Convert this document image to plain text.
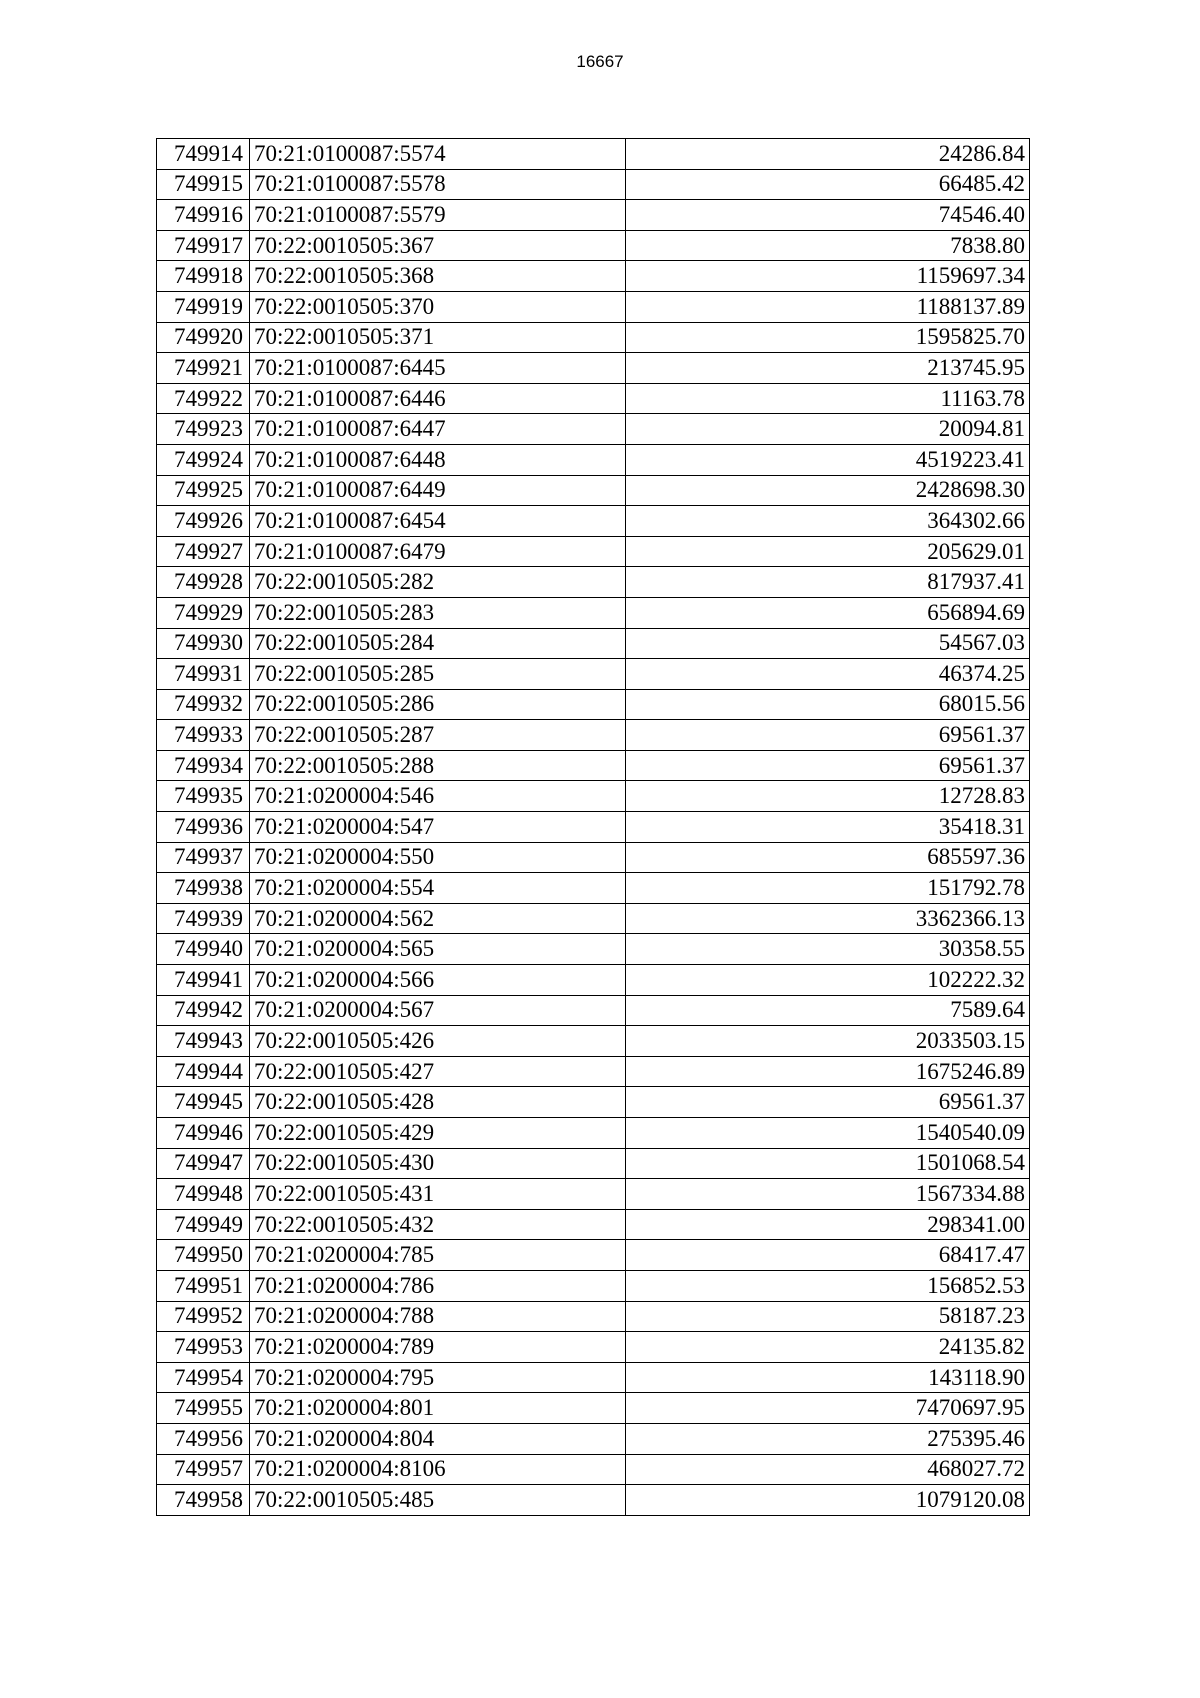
16667
749914	70:21:0100087:5574	24286.84
749915	70:21:0100087:5578	66485.42
749916	70:21:0100087:5579	74546.40
749917	70:22:0010505:367	7838.80
749918	70:22:0010505:368	1159697.34
749919	70:22:0010505:370	1188137.89
749920	70:22:0010505:371	1595825.70
749921	70:21:0100087:6445	213745.95
749922	70:21:0100087:6446	11163.78
749923	70:21:0100087:6447	20094.81
749924	70:21:0100087:6448	4519223.41
749925	70:21:0100087:6449	2428698.30
749926	70:21:0100087:6454	364302.66
749927	70:21:0100087:6479	205629.01
749928	70:22:0010505:282	817937.41
749929	70:22:0010505:283	656894.69
749930	70:22:0010505:284	54567.03
749931	70:22:0010505:285	46374.25
749932	70:22:0010505:286	68015.56
749933	70:22:0010505:287	69561.37
749934	70:22:0010505:288	69561.37
749935	70:21:0200004:546	12728.83
749936	70:21:0200004:547	35418.31
749937	70:21:0200004:550	685597.36
749938	70:21:0200004:554	151792.78
749939	70:21:0200004:562	3362366.13
749940	70:21:0200004:565	30358.55
749941	70:21:0200004:566	102222.32
749942	70:21:0200004:567	7589.64
749943	70:22:0010505:426	2033503.15
749944	70:22:0010505:427	1675246.89
749945	70:22:0010505:428	69561.37
749946	70:22:0010505:429	1540540.09
749947	70:22:0010505:430	1501068.54
749948	70:22:0010505:431	1567334.88
749949	70:22:0010505:432	298341.00
749950	70:21:0200004:785	68417.47
749951	70:21:0200004:786	156852.53
749952	70:21:0200004:788	58187.23
749953	70:21:0200004:789	24135.82
749954	70:21:0200004:795	143118.90
749955	70:21:0200004:801	7470697.95
749956	70:21:0200004:804	275395.46
749957	70:21:0200004:8106	468027.72
749958	70:22:0010505:485	1079120.08
